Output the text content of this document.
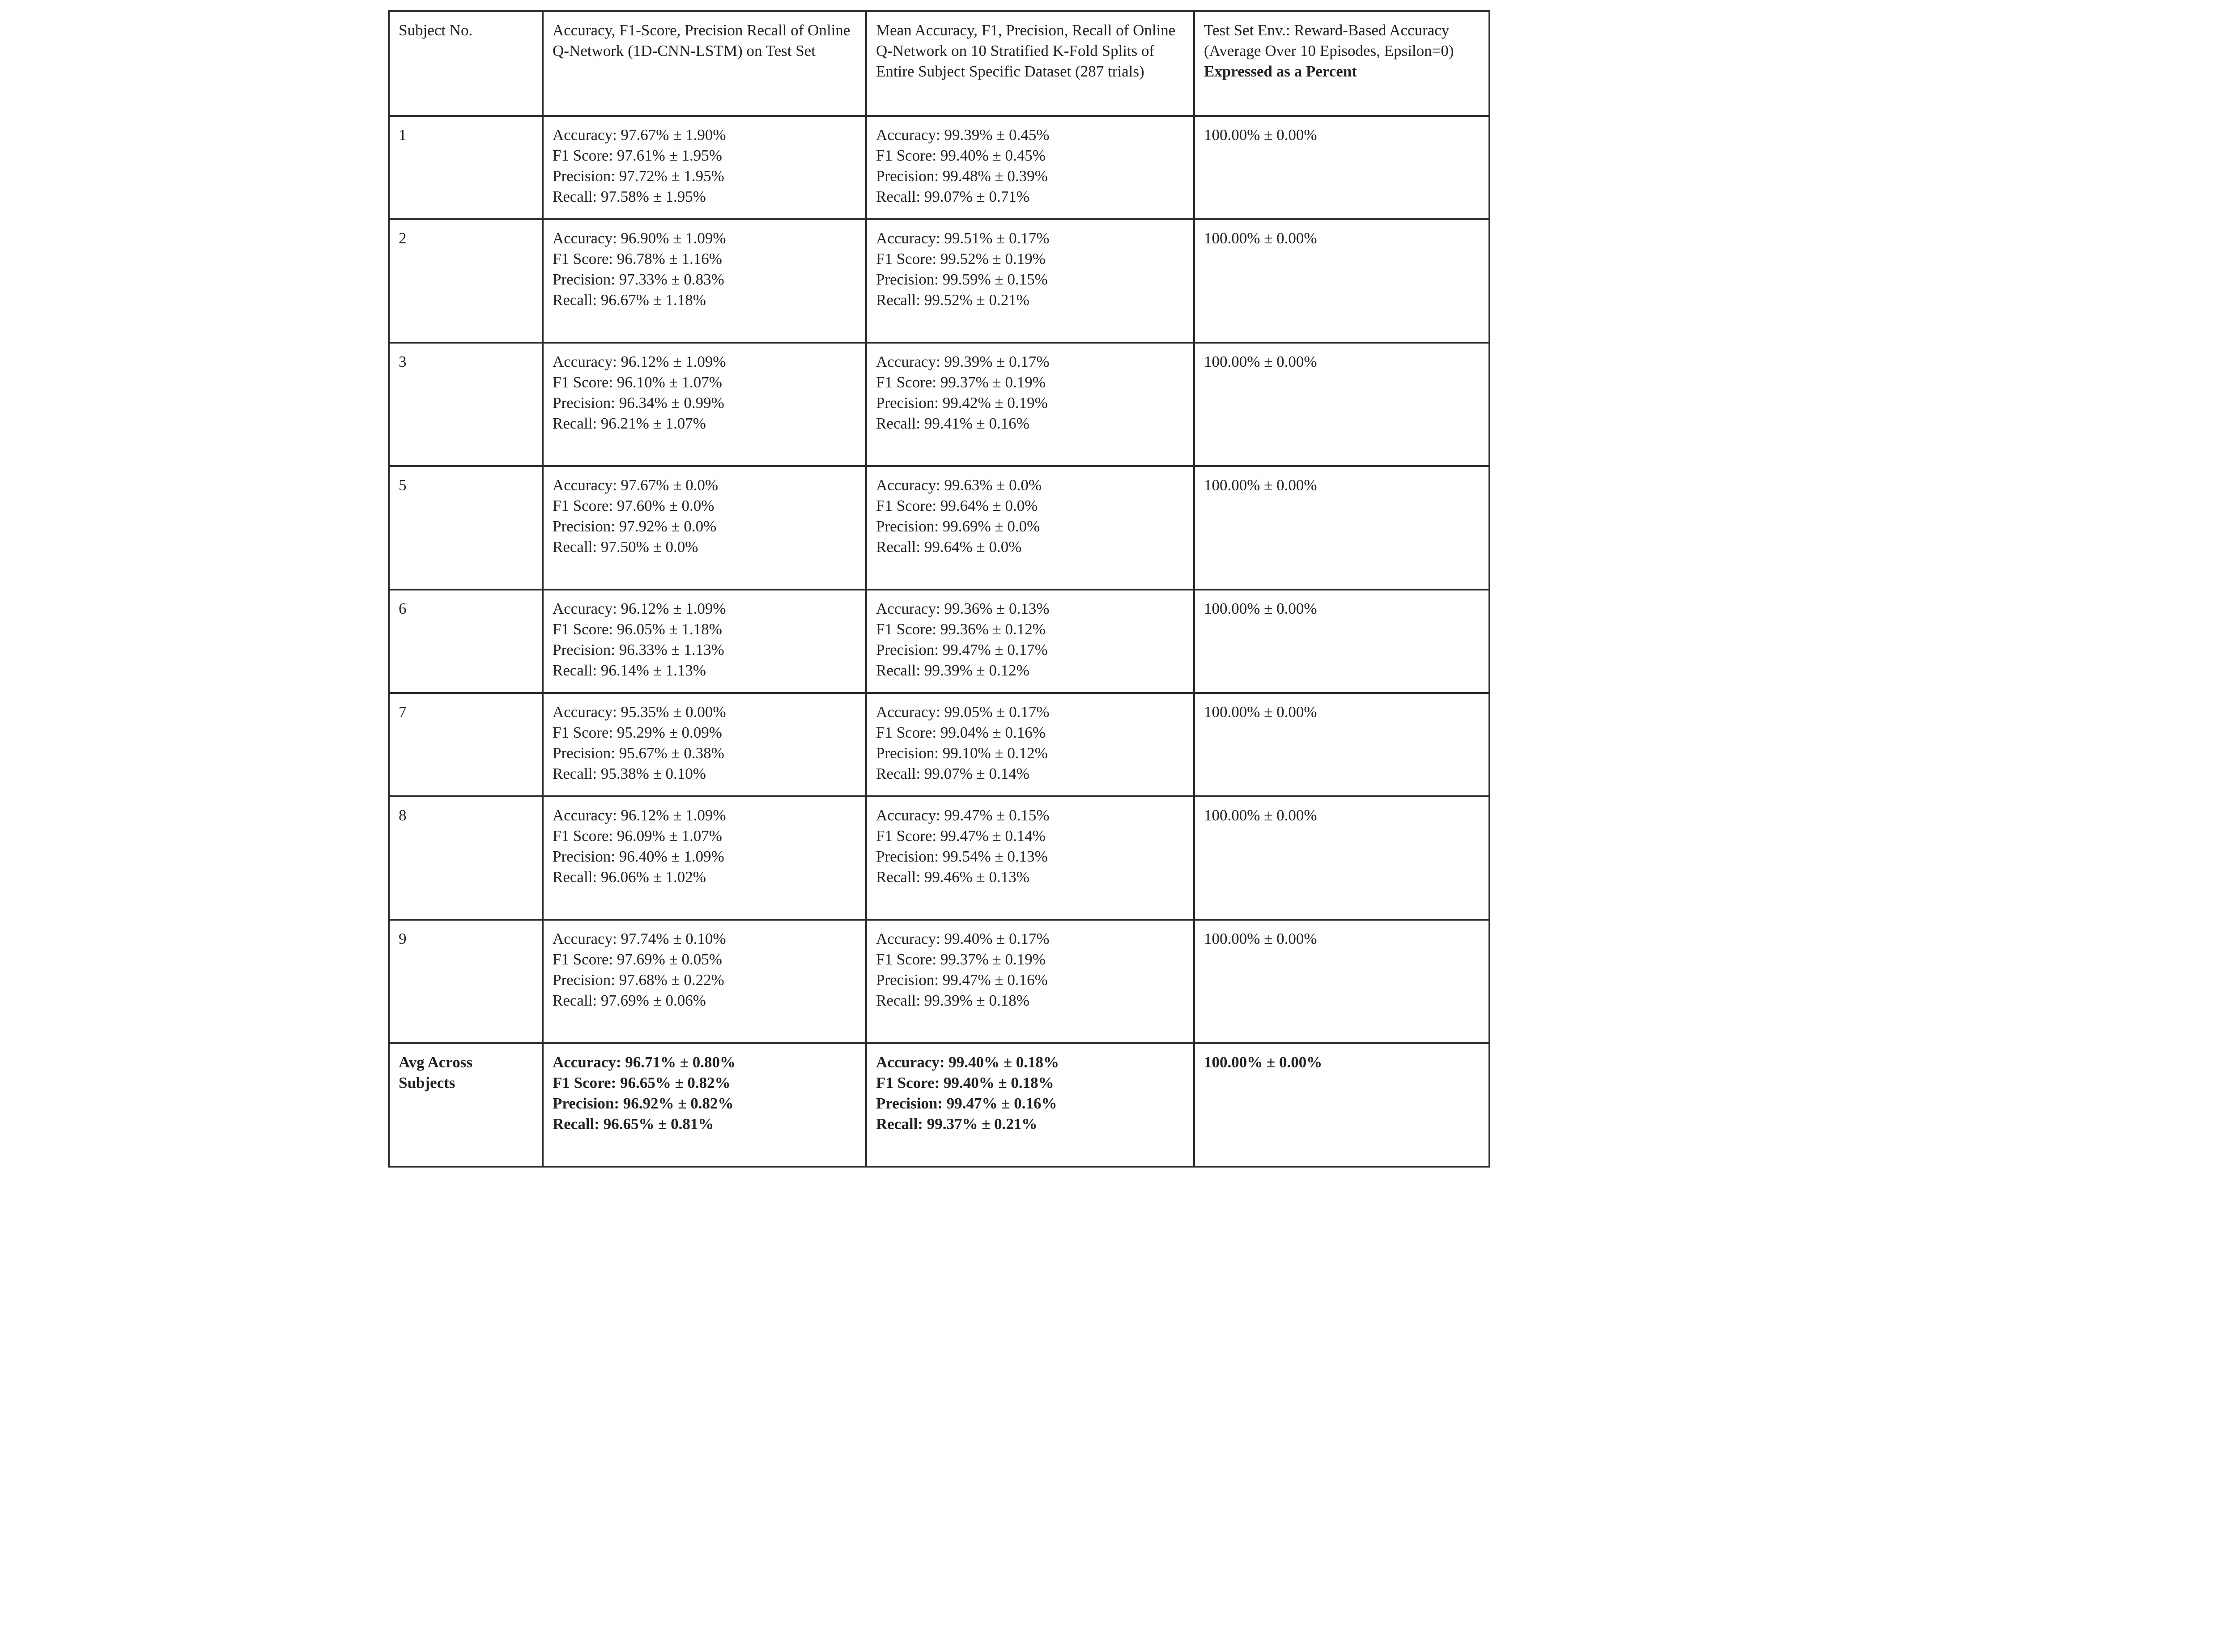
Subject No.	Accuracy, F1-Score, Precision Recall of Online Q-Network (1D-CNN-LSTM) on Test Set	Mean Accuracy, F1, Precision, Recall of Online Q-Network on 10 Stratified K-Fold Splits of Entire Subject Specific Dataset (287 trials)	Test Set Env.: Reward-Based Accuracy (Average Over 10 Episodes, Epsilon=0) Expressed as a Percent

1	Accuracy: 97.67% ± 1.90%
F1 Score: 97.61% ± 1.95%
Precision: 97.72% ± 1.95%
Recall: 97.58% ± 1.95%	Accuracy: 99.39% ± 0.45%
F1 Score: 99.40% ± 0.45%
Precision: 99.48% ± 0.39%
Recall: 99.07% ± 0.71%	100.00% ± 0.00%

2	Accuracy: 96.90% ± 1.09%
F1 Score: 96.78% ± 1.16%
Precision: 97.33% ± 0.83%
Recall: 96.67% ± 1.18%	Accuracy: 99.51% ± 0.17%
F1 Score: 99.52% ± 0.19%
Precision: 99.59% ± 0.15%
Recall: 99.52% ± 0.21%	100.00% ± 0.00%

3	Accuracy: 96.12% ± 1.09%
F1 Score: 96.10% ± 1.07%
Precision: 96.34% ± 0.99%
Recall: 96.21% ± 1.07%	Accuracy: 99.39% ± 0.17%
F1 Score: 99.37% ± 0.19%
Precision: 99.42% ± 0.19%
Recall: 99.41% ± 0.16%	100.00% ± 0.00%

5	Accuracy: 97.67% ± 0.0%
F1 Score: 97.60% ± 0.0%
Precision: 97.92% ± 0.0%
Recall: 97.50% ± 0.0%	Accuracy: 99.63% ± 0.0%
F1 Score: 99.64% ± 0.0%
Precision: 99.69% ± 0.0%
Recall: 99.64% ± 0.0%	100.00% ± 0.00%

6	Accuracy: 96.12% ± 1.09%
F1 Score: 96.05% ± 1.18%
Precision: 96.33% ± 1.13%
Recall: 96.14% ± 1.13%	Accuracy: 99.36% ± 0.13%
F1 Score: 99.36% ± 0.12%
Precision: 99.47% ± 0.17%
Recall: 99.39% ± 0.12%	100.00% ± 0.00%

7	Accuracy: 95.35% ± 0.00%
F1 Score: 95.29% ± 0.09%
Precision: 95.67% ± 0.38%
Recall: 95.38% ± 0.10%	Accuracy: 99.05% ± 0.17%
F1 Score: 99.04% ± 0.16%
Precision: 99.10% ± 0.12%
Recall: 99.07% ± 0.14%	100.00% ± 0.00%

8	Accuracy: 96.12% ± 1.09%
F1 Score: 96.09% ± 1.07%
Precision: 96.40% ± 1.09%
Recall: 96.06% ± 1.02%	Accuracy: 99.47% ± 0.15%
F1 Score: 99.47% ± 0.14%
Precision: 99.54% ± 0.13%
Recall: 99.46% ± 0.13%	100.00% ± 0.00%

9	Accuracy: 97.74% ± 0.10%
F1 Score: 97.69% ± 0.05%
Precision: 97.68% ± 0.22%
Recall: 97.69% ± 0.06%	Accuracy: 99.40% ± 0.17%
F1 Score: 99.37% ± 0.19%
Precision: 99.47% ± 0.16%
Recall: 99.39% ± 0.18%	100.00% ± 0.00%

Avg Across Subjects	Accuracy: 96.71% ± 0.80%
F1 Score: 96.65% ± 0.82%
Precision: 96.92% ± 0.82%
Recall: 96.65% ± 0.81%	Accuracy: 99.40% ± 0.18%
F1 Score: 99.40% ± 0.18%
Precision: 99.47% ± 0.16%
Recall: 99.37% ± 0.21%	100.00% ± 0.00%
